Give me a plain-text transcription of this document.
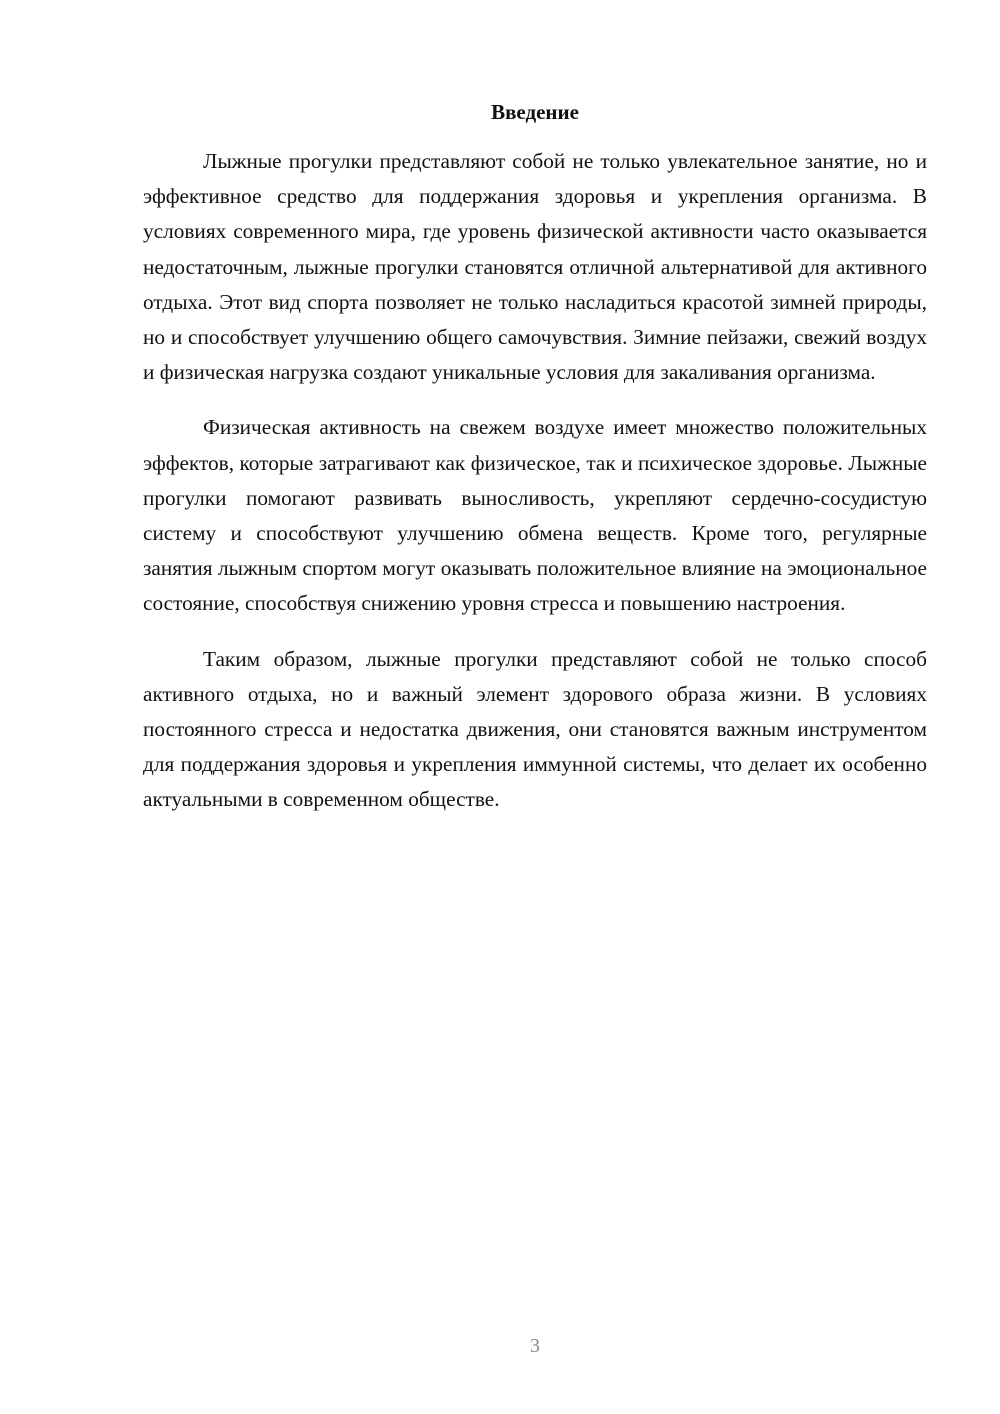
Введение

Лыжные прогулки представляют собой не только увлекательное занятие, но и эффективное средство для поддержания здоровья и укрепления организма. В условиях современного мира, где уровень физической активности часто оказывается недостаточным, лыжные прогулки становятся отличной альтернативой для активного отдыха. Этот вид спорта позволяет не только насладиться красотой зимней природы, но и способствует улучшению общего самочувствия. Зимние пейзажи, свежий воздух и физическая нагрузка создают уникальные условия для закаливания организма.

Физическая активность на свежем воздухе имеет множество положительных эффектов, которые затрагивают как физическое, так и психическое здоровье. Лыжные прогулки помогают развивать выносливость, укрепляют сердечно-сосудистую систему и способствуют улучшению обмена веществ. Кроме того, регулярные занятия лыжным спортом могут оказывать положительное влияние на эмоциональное состояние, способствуя снижению уровня стресса и повышению настроения.

Таким образом, лыжные прогулки представляют собой не только способ активного отдыха, но и важный элемент здорового образа жизни. В условиях постоянного стресса и недостатка движения, они становятся важным инструментом для поддержания здоровья и укрепления иммунной системы, что делает их особенно актуальными в современном обществе.

3
